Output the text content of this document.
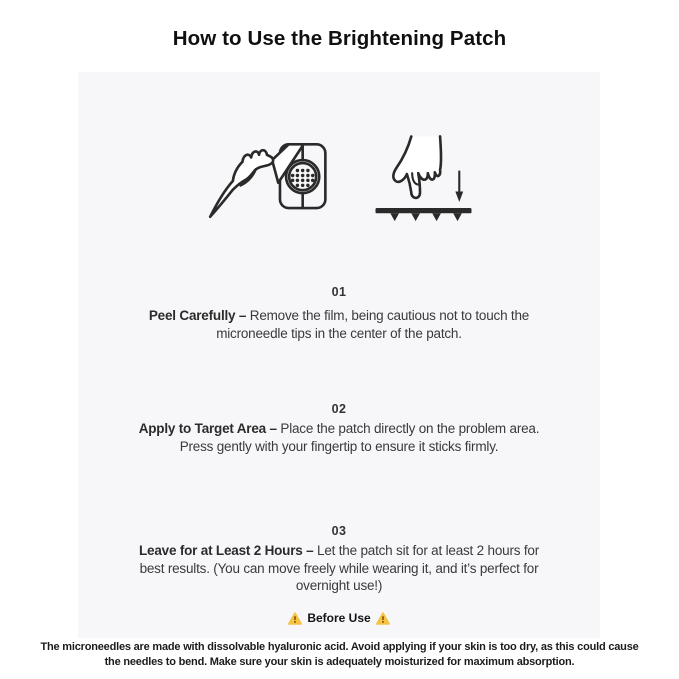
How to Use the Brightening Patch
01
Peel Carefully – Remove the film, being cautious not to touch the
microneedle tips in the center of the patch.
02
Apply to Target Area – Place the patch directly on the problem area.
Press gently with your fingertip to ensure it sticks firmly.
03
Leave for at Least 2 Hours – Let the patch sit for at least 2 hours for
best results. (You can move freely while wearing it, and it’s perfect for
overnight use!)
Before Use
The microneedles are made with dissolvable hyaluronic acid. Avoid applying if your skin is too dry, as this could cause
the needles to bend. Make sure your skin is adequately moisturized for maximum absorption.
